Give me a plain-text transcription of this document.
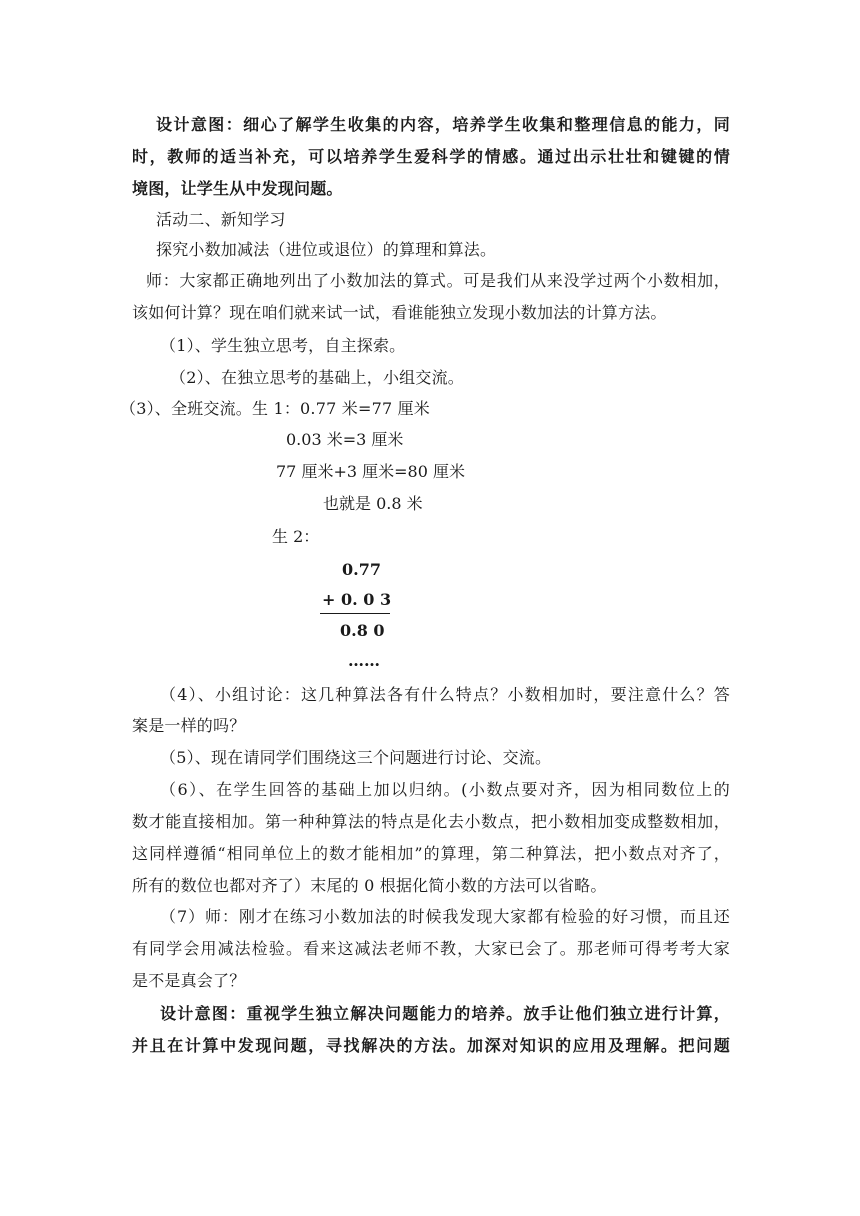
设计意图：细心了解学生收集的内容，培养学生收集和整理信息的能力，同
时，教师的适当补充，可以培养学生爱科学的情感。通过出示壮壮和键键的情
境图，让学生从中发现问题。
活动二、新知学习
探究小数加减法（进位或退位）的算理和算法。
师：大家都正确地列出了小数加法的算式。可是我们从来没学过两个小数相加，
该如何计算？现在咱们就来试一试，看谁能独立发现小数加法的计算方法。
（1）、学生独立思考，自主探索。
（2）、在独立思考的基础上，小组交流。
（3）、全班交流。生 1：0.77 米=77 厘米
0.03 米=3 厘米
77 厘米+3 厘米=80 厘米
也就是 0.8 米
生 2：
0.77
+ 0. 0 3
0.8 0
……
（4）、小组讨论：这几种算法各有什么特点？小数相加时，要注意什么？答
案是一样的吗？
（5）、现在请同学们围绕这三个问题进行讨论、交流。
（6）、在学生回答的基础上加以归纳。(小数点要对齐，因为相同数位上的
数才能直接相加。第一种种算法的特点是化去小数点，把小数相加变成整数相加，
这同样遵循“相同单位上的数才能相加”的算理，第二种算法，把小数点对齐了，
所有的数位也都对齐了）末尾的 0 根据化简小数的方法可以省略。
（7）师：刚才在练习小数加法的时候我发现大家都有检验的好习惯，而且还
有同学会用减法检验。看来这减法老师不教，大家已会了。那老师可得考考大家
是不是真会了？
设计意图：重视学生独立解决问题能力的培养。放手让他们独立进行计算，
并且在计算中发现问题，寻找解决的方法。加深对知识的应用及理解。把问题
